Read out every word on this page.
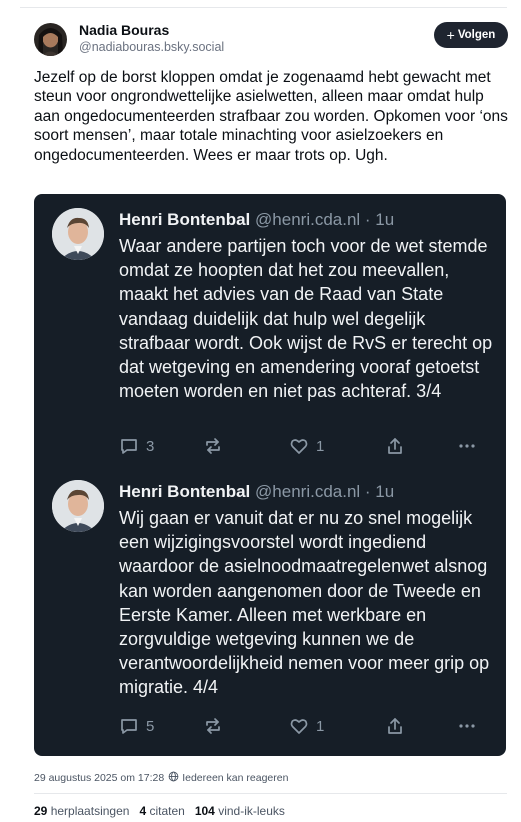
Nadia Bouras
@nadiabouras.bsky.social
+ Volgen
Jezelf op de borst kloppen omdat je zogenaamd hebt gewacht met steun voor ongrondwettelijke asielwetten, alleen maar omdat hulp aan ongedocumenteerden strafbaar zou worden. Opkomen voor ‘ons soort mensen’, maar totale minachting voor asielzoekers en ongedocumenteerden. Wees er maar trots op. Ugh.
Henri Bontenbal @henri.cda.nl · 1u
Waar andere partijen toch voor de wet stemde omdat ze hoopten dat het zou meevallen, maakt het advies van de Raad van State vandaag duidelijk dat hulp wel degelijk strafbaar wordt. Ook wijst de RvS er terecht op dat wetgeving en amendering vooraf getoetst moeten worden en niet pas achteraf. 3/4
3	1
Henri Bontenbal @henri.cda.nl · 1u
Wij gaan er vanuit dat er nu zo snel mogelijk een wijzigingsvoorstel wordt ingediend waardoor de asielnoodmaatregelenwet alsnog kan worden aangenomen door de Tweede en Eerste Kamer. Alleen met werkbare en zorgvuldige wetgeving kunnen we de verantwoordelijkheid nemen voor meer grip op migratie. 4/4
5	1
29 augustus 2025 om 17:28 Iedereen kan reageren
29 herplaatsingen 4 citaten 104 vind-ik-leuks
